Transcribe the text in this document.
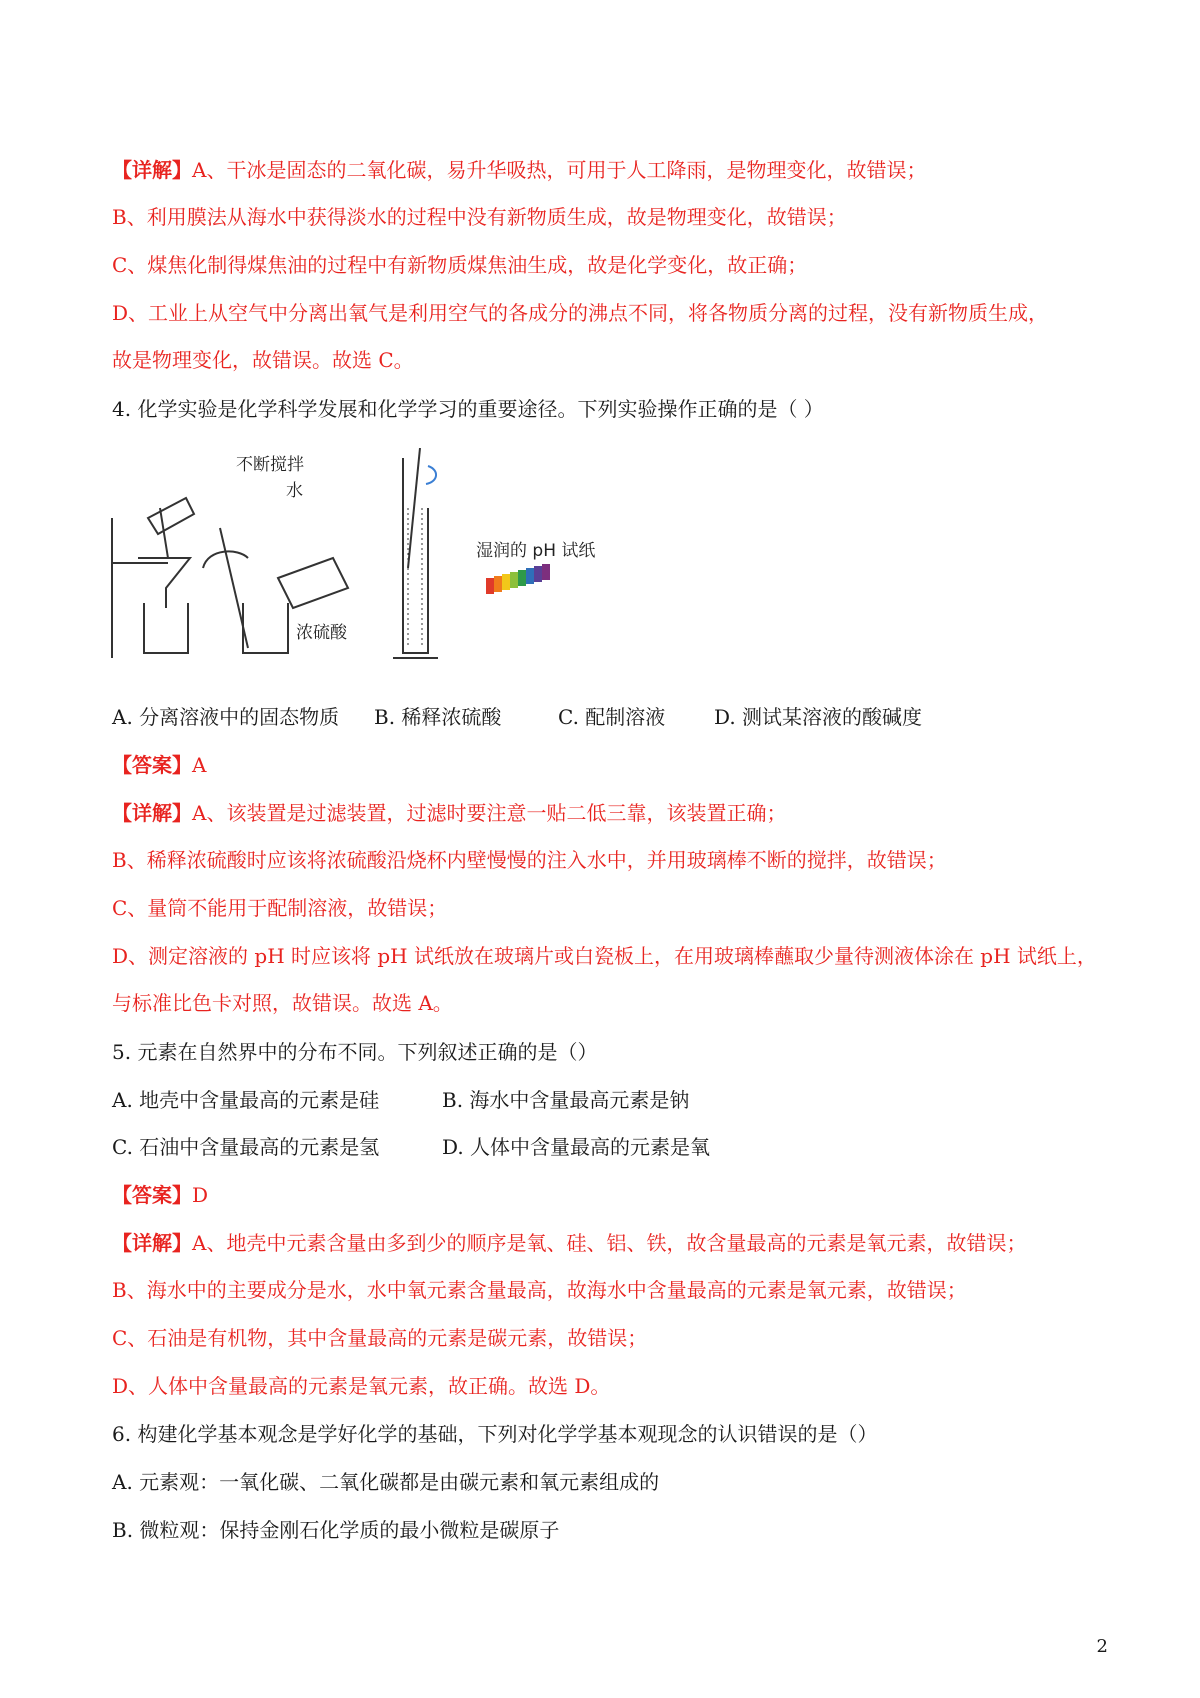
【详解】A、干冰是固态的二氧化碳，易升华吸热，可用于人工降雨，是物理变化，故错误；
B、利用膜法从海水中获得淡水的过程中没有新物质生成，故是物理变化，故错误；
C、煤焦化制得煤焦油的过程中有新物质煤焦油生成，故是化学变化，故正确；
D、工业上从空气中分离出氧气是利用空气的各成分的沸点不同，将各物质分离的过程，没有新物质生成，
故是物理变化，故错误。故选 C。
4. 化学实验是化学科学发展和化学学习的重要途径。下列实验操作正确的是（ ）
不断搅拌
水
浓硫酸
湿润的 pH 试纸
A. 分离溶液中的固态物质 B. 稀释浓硫酸	C. 配制溶液 D. 测试某溶液的酸碱度
【答案】A
【详解】A、该装置是过滤装置，过滤时要注意一贴二低三靠，该装置正确；
B、稀释浓硫酸时应该将浓硫酸沿烧杯内壁慢慢的注入水中，并用玻璃棒不断的搅拌，故错误；
C、量筒不能用于配制溶液，故错误；
D、测定溶液的 pH 时应该将 pH 试纸放在玻璃片或白瓷板上，在用玻璃棒蘸取少量待测液体涂在 pH 试纸上，
与标准比色卡对照，故错误。故选 A。
5. 元素在自然界中的分布不同。下列叙述正确的是（）
A. 地壳中含量最高的元素是硅	B. 海水中含量最高元素是钠
C. 石油中含量最高的元素是氢	D. 人体中含量最高的元素是氧
【答案】D
【详解】A、地壳中元素含量由多到少的顺序是氧、硅、铝、铁，故含量最高的元素是氧元素，故错误；
B、海水中的主要成分是水，水中氧元素含量最高，故海水中含量最高的元素是氧元素，故错误；
C、石油是有机物，其中含量最高的元素是碳元素，故错误；
D、人体中含量最高的元素是氧元素，故正确。故选 D。
6. 构建化学基本观念是学好化学的基础，下列对化学学基本观现念的认识错误的是（）
A. 元素观：一氧化碳、二氧化碳都是由碳元素和氧元素组成的
B. 微粒观：保持金刚石化学质的最小微粒是碳原子
2
